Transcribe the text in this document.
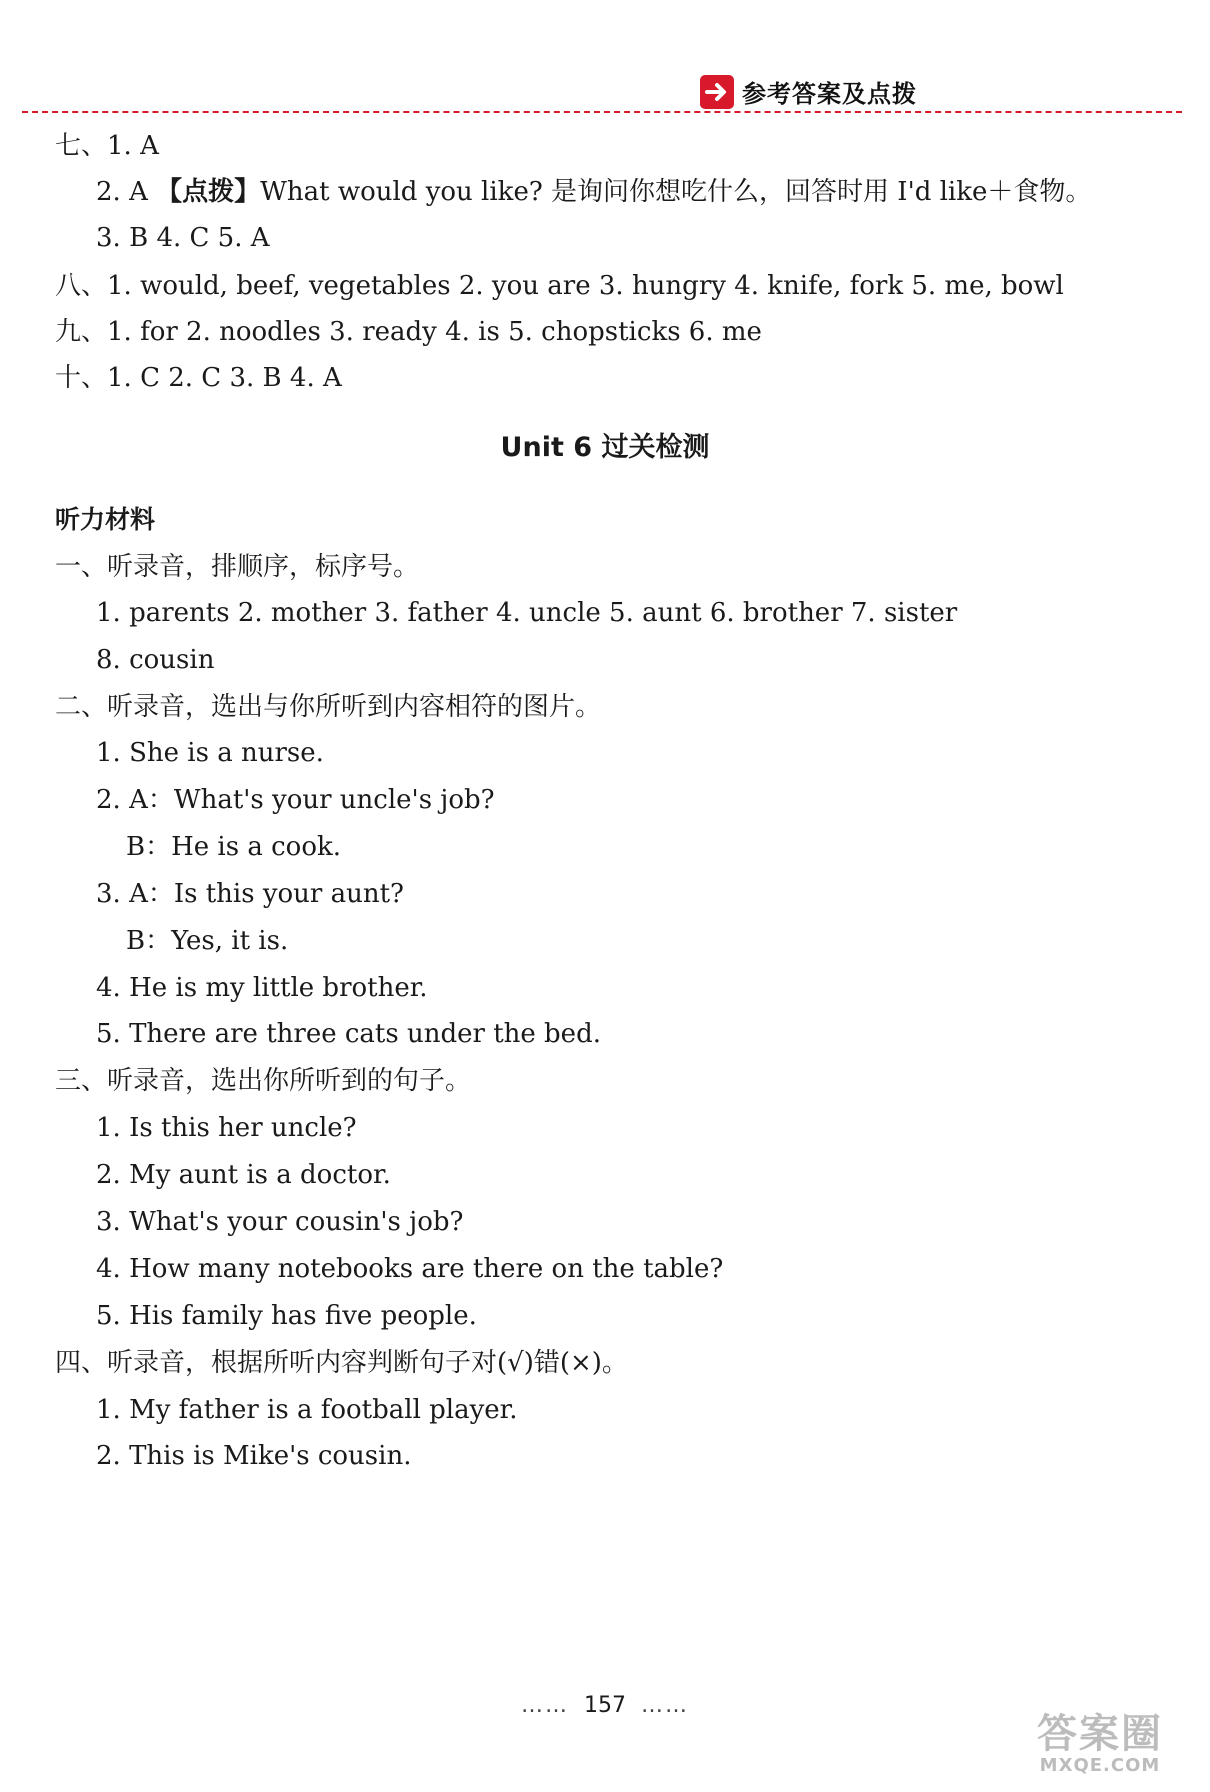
参考答案及点拨
七、1. A
2. A 【点拨】What would you like? 是询问你想吃什么，回答时用 I'd like＋食物。
3. B 4. C 5. A
八、1. would, beef, vegetables 2. you are 3. hungry 4. knife, fork 5. me, bowl
九、1. for 2. noodles 3. ready 4. is 5. chopsticks 6. me
十、1. C 2. C 3. B 4. A
Unit 6 过关检测
听力材料
一、听录音，排顺序，标序号。
1. parents 2. mother 3. father 4. uncle 5. aunt 6. brother 7. sister
8. cousin
二、听录音，选出与你所听到内容相符的图片。
1. She is a nurse.
2. A：What's your uncle's job?
B：He is a cook.
3. A：Is this your aunt?
B：Yes, it is.
4. He is my little brother.
5. There are three cats under the bed.
三、听录音，选出你所听到的句子。
1. Is this her uncle?
2. My aunt is a doctor.
3. What's your cousin's job?
4. How many notebooks are there on the table?
5. His family has five people.
四、听录音，根据所听内容判断句子对(√)错(×)。
1. My father is a football player.
2. This is Mike's cousin.
…… 157 ……
答案圈
MXQE.COM
